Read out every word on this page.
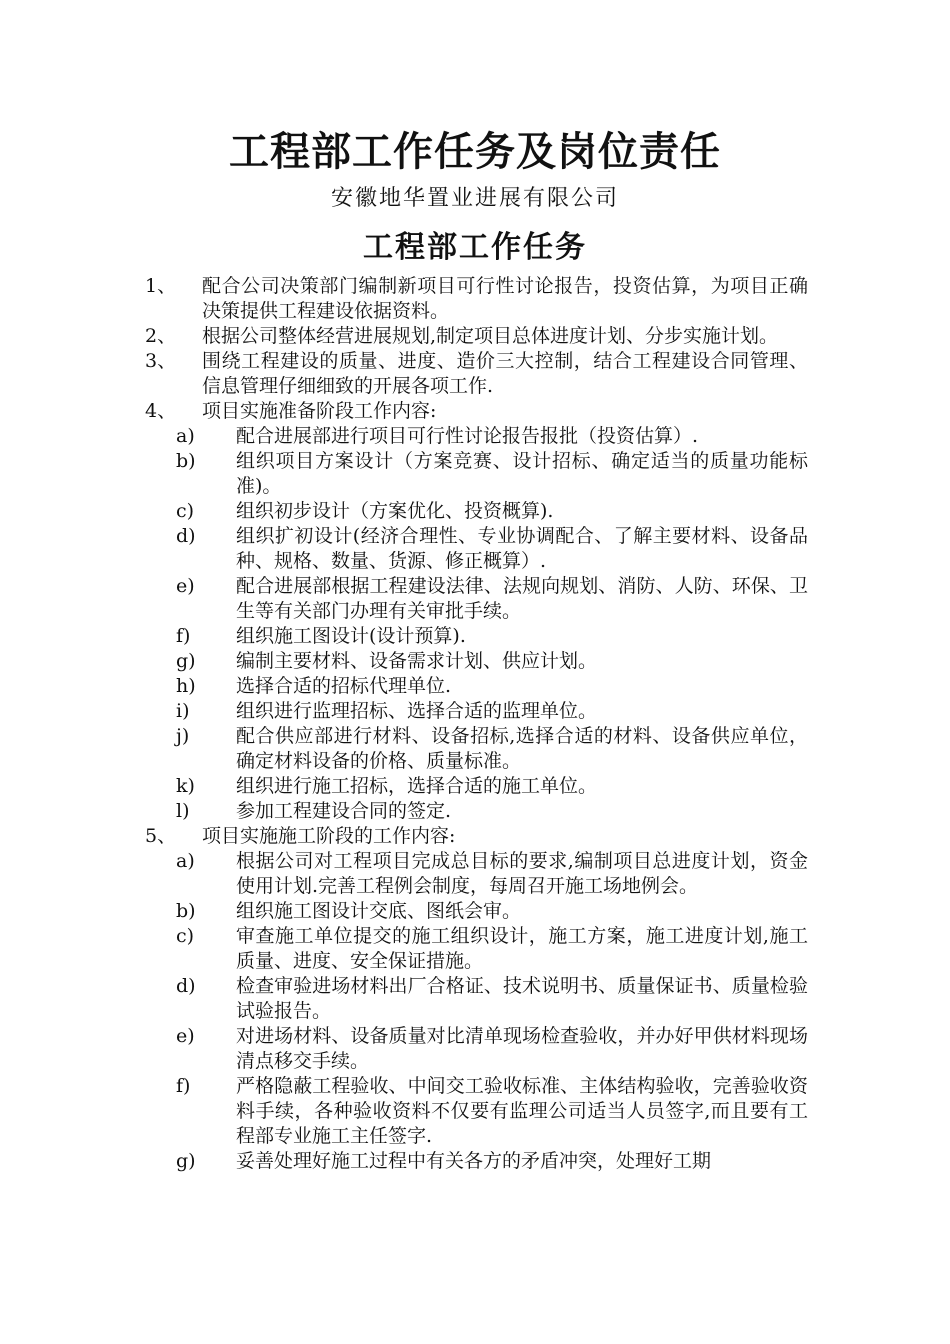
工程部工作任务及岗位责任
安徽地华置业进展有限公司
工程部工作任务
1、	配合公司决策部门编制新项目可行性讨论报告，投资估算，为项目正确决策提供工程建设依据资料。
2、	根据公司整体经营进展规划,制定项目总体进度计划、分步实施计划。
3、	围绕工程建设的质量、进度、造价三大控制，结合工程建设合同管理、信息管理仔细细致的开展各项工作.
4、	项目实施准备阶段工作内容:
a)	配合进展部进行项目可行性讨论报告报批（投资估算）.
b)	组织项目方案设计（方案竞赛、设计招标、确定适当的质量功能标准)。
c)	组织初步设计（方案优化、投资概算).
d)	组织扩初设计(经济合理性、专业协调配合、了解主要材料、设备品种、规格、数量、货源、修正概算）.
e)	配合进展部根据工程建设法律、法规向规划、消防、人防、环保、卫生等有关部门办理有关审批手续。
f)	组织施工图设计(设计预算).
g)	编制主要材料、设备需求计划、供应计划。
h)	选择合适的招标代理单位.
i)	组织进行监理招标、选择合适的监理单位。
j)	配合供应部进行材料、设备招标,选择合适的材料、设备供应单位，确定材料设备的价格、质量标准。
k)	组织进行施工招标，选择合适的施工单位。
l)	参加工程建设合同的签定.
5、	项目实施施工阶段的工作内容:
a)	根据公司对工程项目完成总目标的要求,编制项目总进度计划，资金使用计划.完善工程例会制度，每周召开施工场地例会。
b)	组织施工图设计交底、图纸会审。
c)	审查施工单位提交的施工组织设计，施工方案，施工进度计划,施工质量、进度、安全保证措施。
d)	检查审验进场材料出厂合格证、技术说明书、质量保证书、质量检验试验报告。
e)	对进场材料、设备质量对比清单现场检查验收，并办好甲供材料现场清点移交手续。
f)	严格隐蔽工程验收、中间交工验收标准、主体结构验收，完善验收资料手续，各种验收资料不仅要有监理公司适当人员签字,而且要有工程部专业施工主任签字.
g)	妥善处理好施工过程中有关各方的矛盾冲突，处理好工期
